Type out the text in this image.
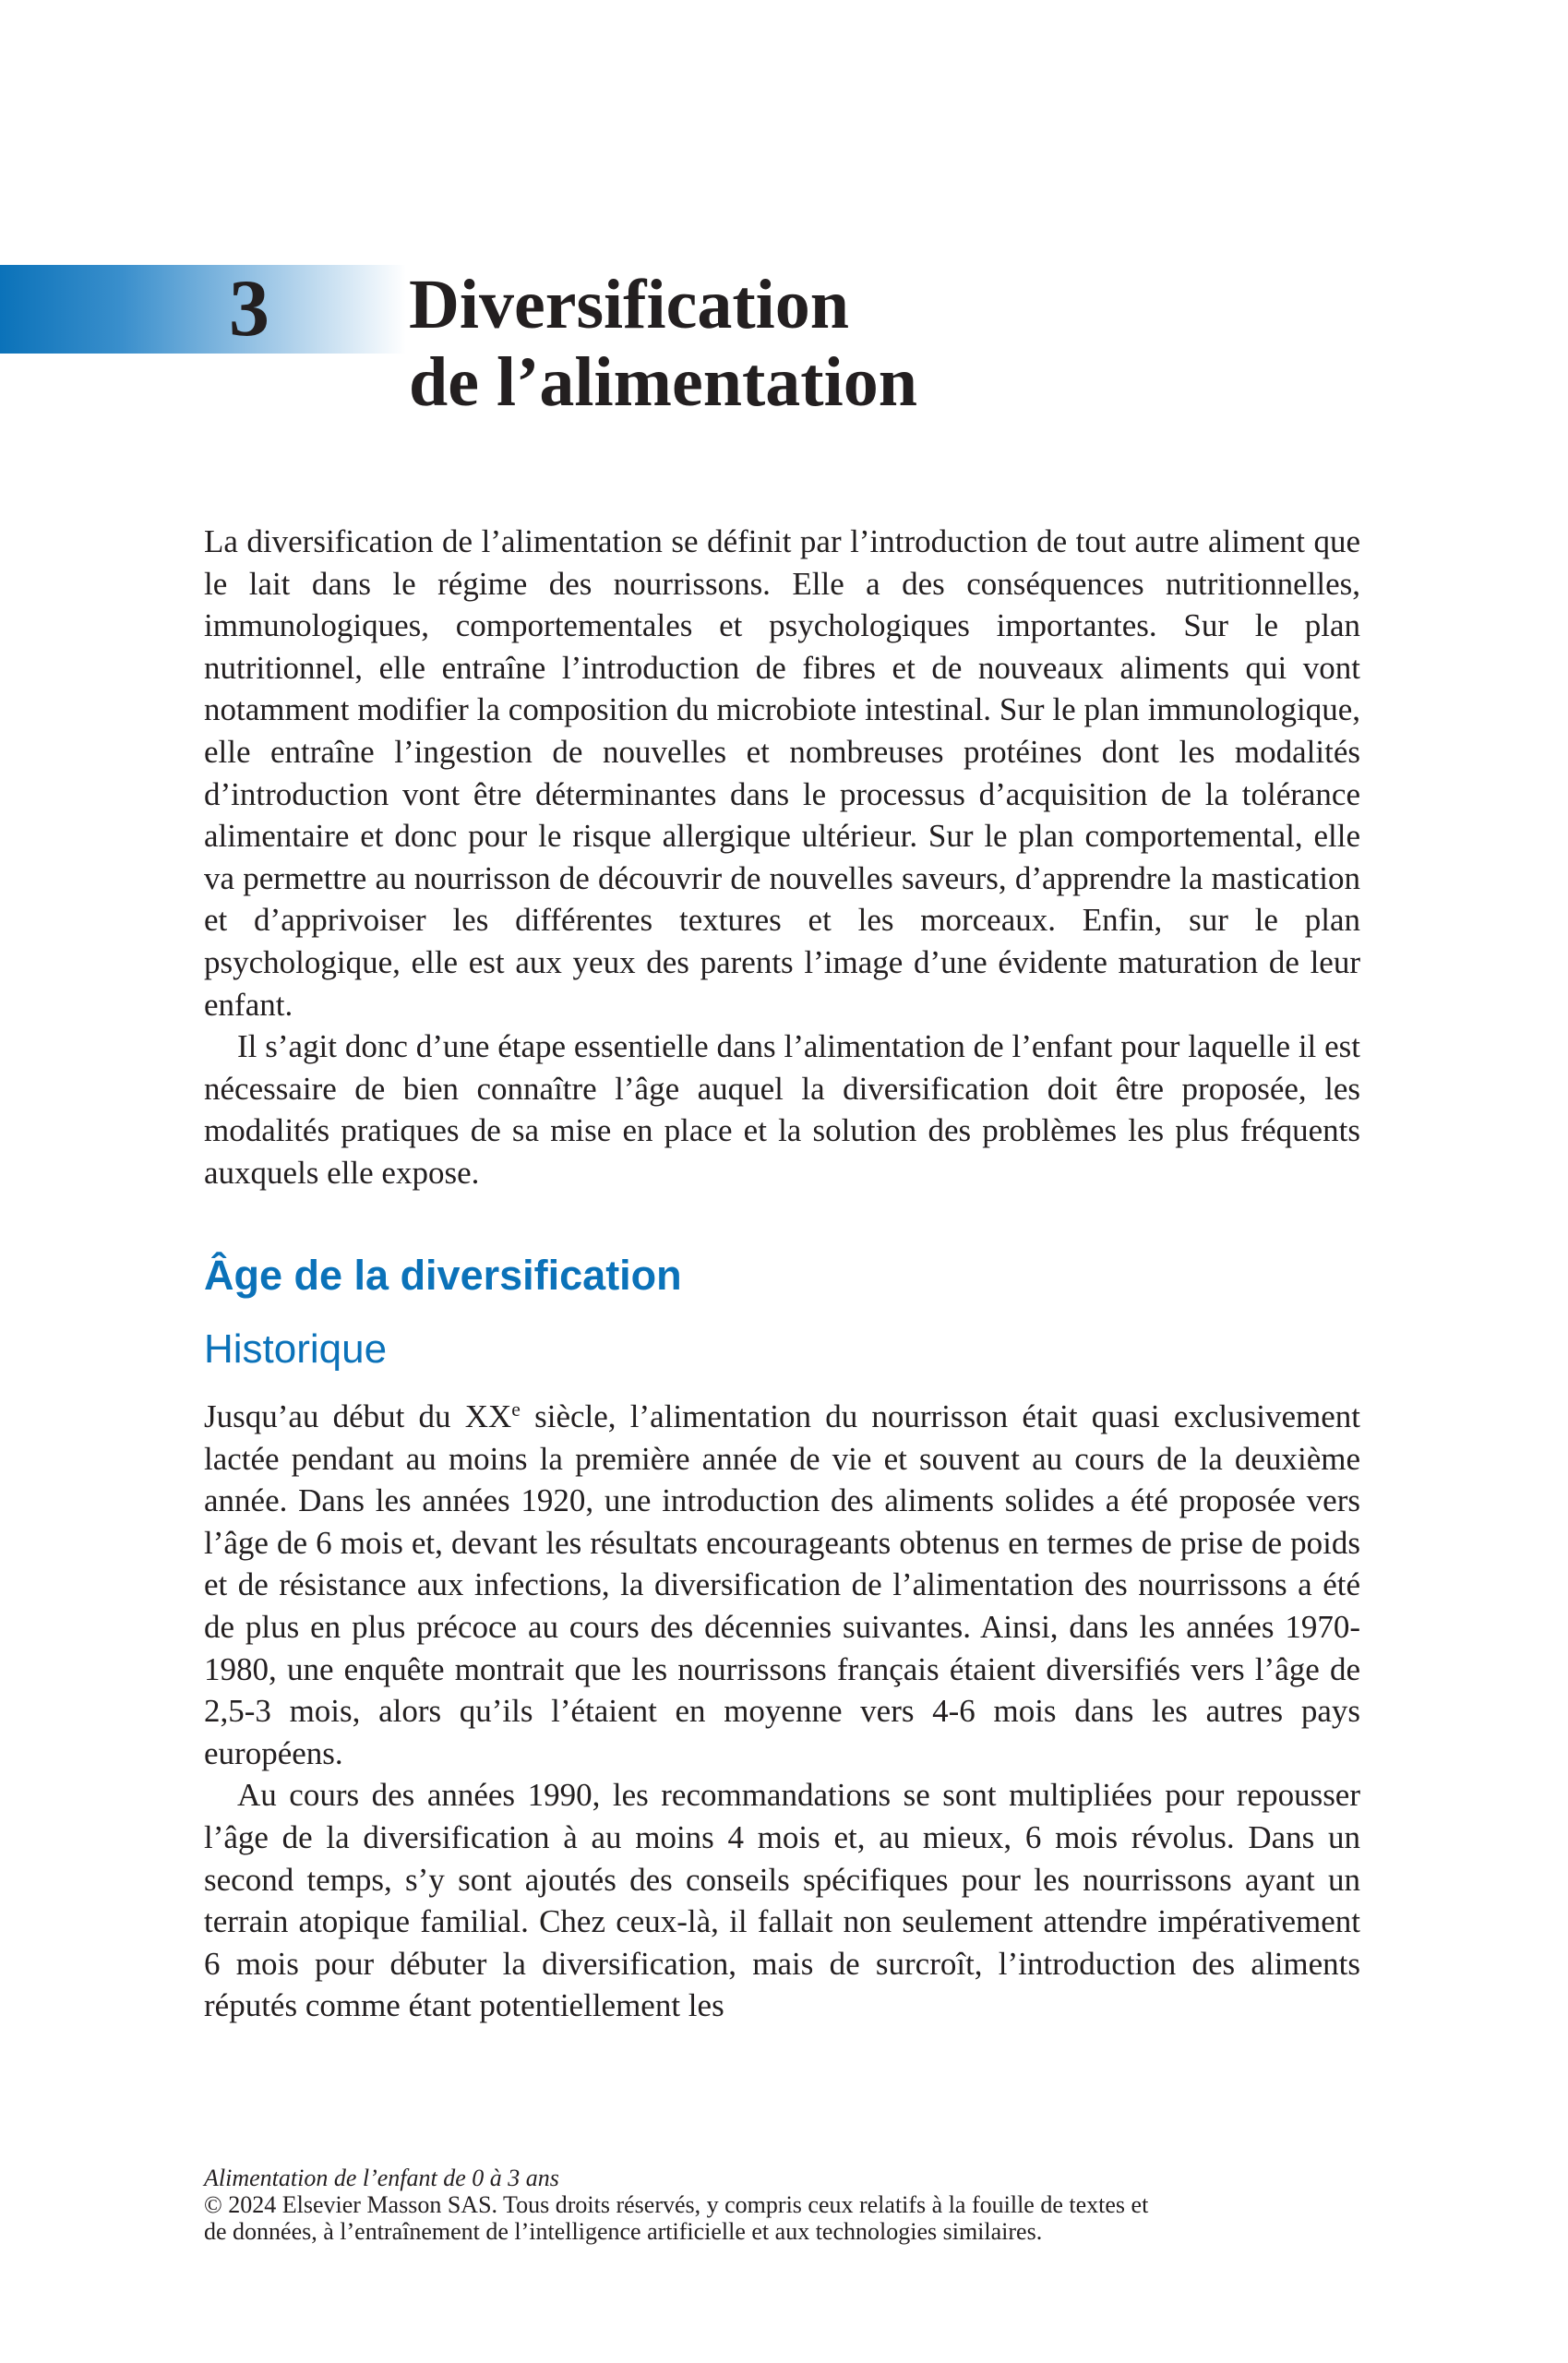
3 Diversification
de l’alimentation

La diversification de l’alimentation se définit par l’introduction de tout autre aliment que le lait dans le régime des nourrissons. Elle a des conséquences nutritionnelles, immunologiques, comportementales et psychologiques importantes. Sur le plan nutritionnel, elle entraîne l’introduction de fibres et de nouveaux aliments qui vont notamment modifier la composition du microbiote intestinal. Sur le plan immunologique, elle entraîne l’ingestion de nouvelles et nombreuses protéines dont les modalités d’introduction vont être déterminantes dans le processus d’acquisition de la tolérance alimentaire et donc pour le risque allergique ultérieur. Sur le plan comportemental, elle va permettre au nourrisson de découvrir de nouvelles saveurs, d’apprendre la mastication et d’apprivoiser les différentes textures et les morceaux. Enfin, sur le plan psychologique, elle est aux yeux des parents l’image d’une évidente maturation de leur enfant.

Il s’agit donc d’une étape essentielle dans l’alimentation de l’enfant pour laquelle il est nécessaire de bien connaître l’âge auquel la diversification doit être proposée, les modalités pratiques de sa mise en place et la solution des problèmes les plus fréquents auxquels elle expose.

Âge de la diversification
Historique

Jusqu’au début du XXe siècle, l’alimentation du nourrisson était quasi exclusivement lactée pendant au moins la première année de vie et souvent au cours de la deuxième année. Dans les années 1920, une introduction des aliments solides a été proposée vers l’âge de 6 mois et, devant les résultats encourageants obtenus en termes de prise de poids et de résistance aux infections, la diversification de l’alimentation des nourrissons a été de plus en plus précoce au cours des décennies suivantes. Ainsi, dans les années 1970-1980, une enquête montrait que les nourrissons français étaient diversifiés vers l’âge de 2,5-3 mois, alors qu’ils l’étaient en moyenne vers 4-6 mois dans les autres pays européens.

Au cours des années 1990, les recommandations se sont multipliées pour repousser l’âge de la diversification à au moins 4 mois et, au mieux, 6 mois révolus. Dans un second temps, s’y sont ajoutés des conseils spécifiques pour les nourrissons ayant un terrain atopique familial. Chez ceux-là, il fallait non seulement attendre impérativement 6 mois pour débuter la diversification, mais de surcroît, l’introduction des aliments réputés comme étant potentiellement les

Alimentation de l’enfant de 0 à 3 ans
© 2024 Elsevier Masson SAS. Tous droits réservés, y compris ceux relatifs à la fouille de textes et
de données, à l’entraînement de l’intelligence artificielle et aux technologies similaires.
